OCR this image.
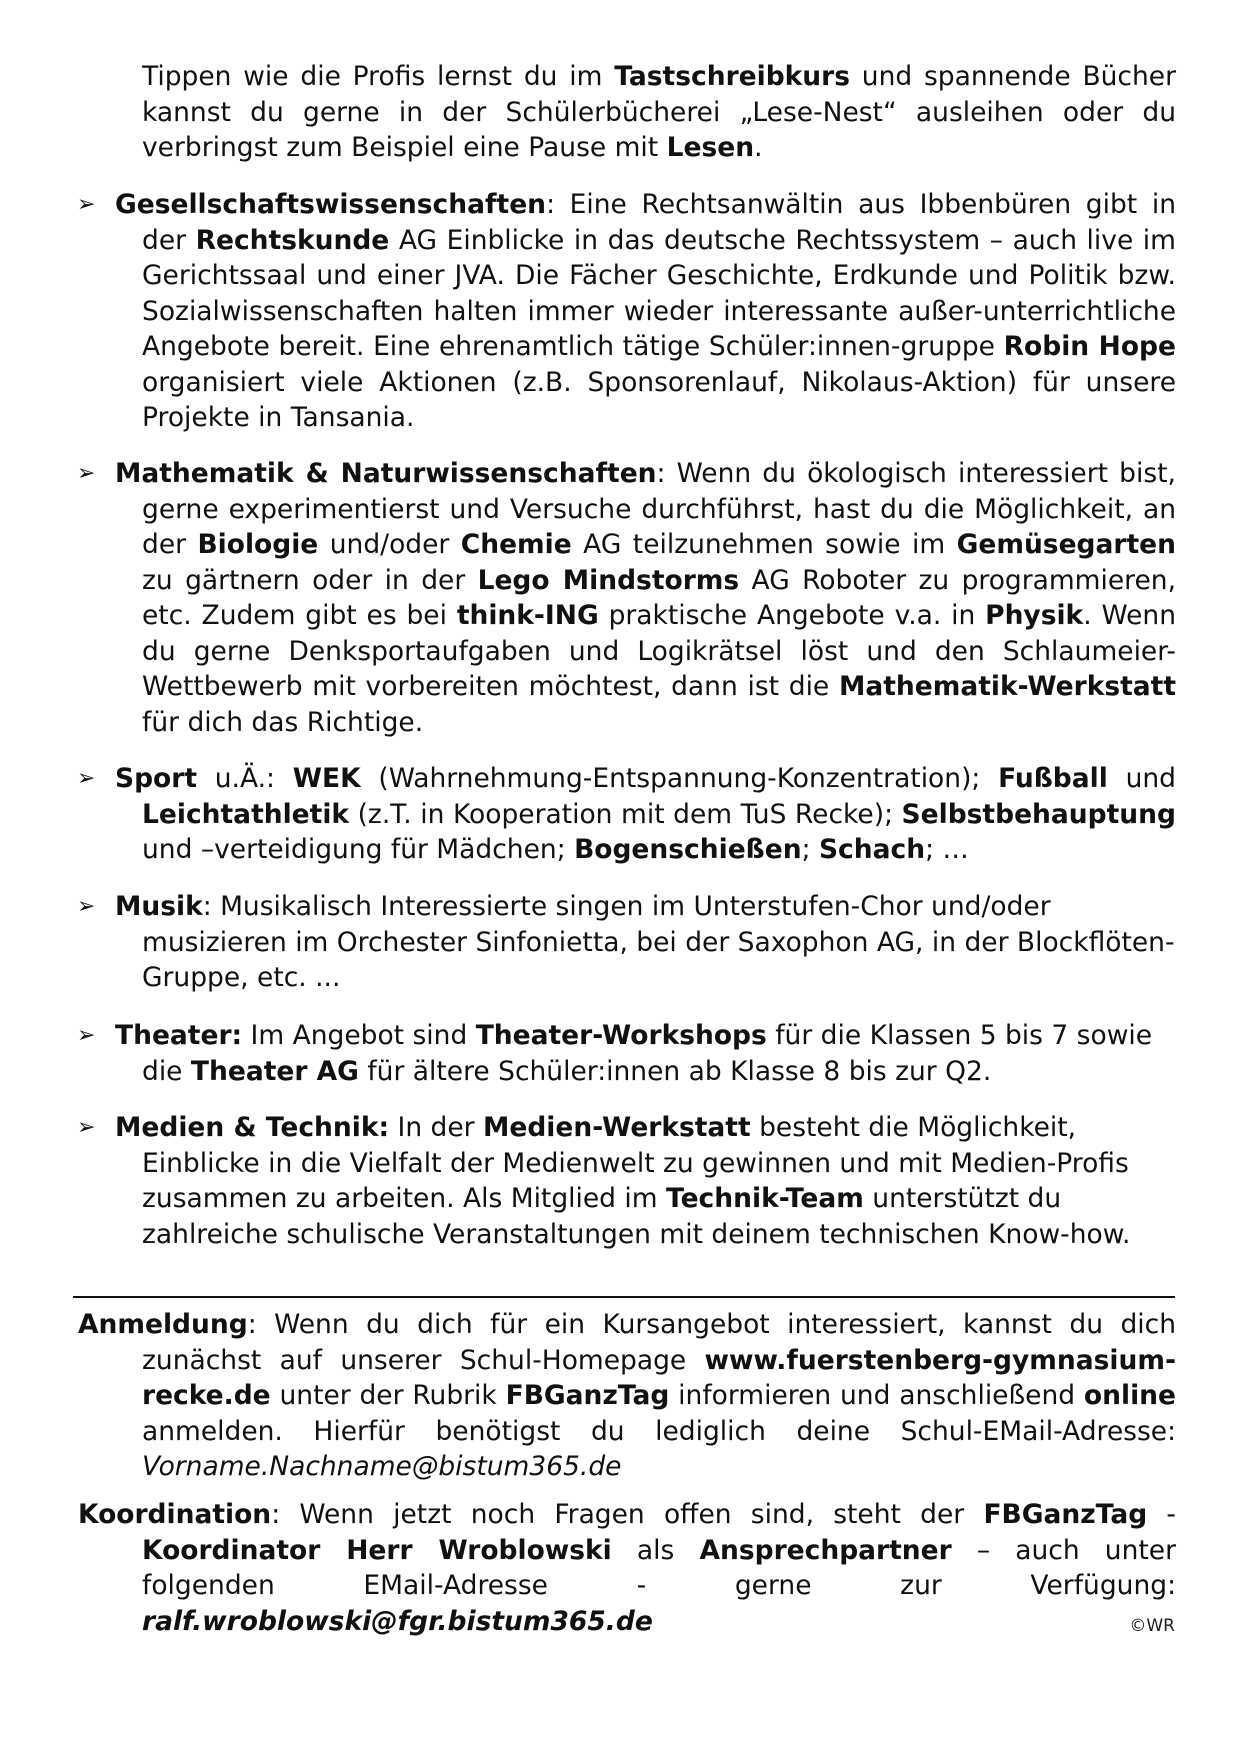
Tippen wie die Profis lernst du im Tastschreibkurs und spannende Bücher kannst du gerne in der Schülerbücherei „Lese-Nest“ ausleihen oder du verbringst zum Beispiel eine Pause mit Lesen.

➢ Gesellschaftswissenschaften: Eine Rechtsanwältin aus Ibbenbüren gibt in der Rechtskunde AG Einblicke in das deutsche Rechtssystem – auch live im Gerichtssaal und einer JVA. Die Fächer Geschichte, Erdkunde und Politik bzw. Sozialwissenschaften halten immer wieder interessante außer-unterrichtliche Angebote bereit. Eine ehrenamtlich tätige Schüler:innen-gruppe Robin Hope organisiert viele Aktionen (z.B. Sponsorenlauf, Nikolaus-Aktion) für unsere Projekte in Tansania.

➢ Mathematik & Naturwissenschaften: Wenn du ökologisch interessiert bist, gerne experimentierst und Versuche durchführst, hast du die Möglichkeit, an der Biologie und/oder Chemie AG teilzunehmen sowie im Gemüsegarten zu gärtnern oder in der Lego Mindstorms AG Roboter zu programmieren, etc. Zudem gibt es bei think-ING praktische Angebote v.a. in Physik. Wenn du gerne Denksportaufgaben und Logikrätsel löst und den Schlaumeier-Wettbewerb mit vorbereiten möchtest, dann ist die Mathematik-Werkstatt für dich das Richtige.

➢ Sport u.Ä.: WEK (Wahrnehmung-Entspannung-Konzentration); Fußball und Leichtathletik (z.T. in Kooperation mit dem TuS Recke); Selbstbehauptung und –verteidigung für Mädchen; Bogenschießen; Schach; …

➢ Musik: Musikalisch Interessierte singen im Unterstufen-Chor und/oder musizieren im Orchester Sinfonietta, bei der Saxophon AG, in der Blockflöten-Gruppe, etc. ...

➢ Theater: Im Angebot sind Theater-Workshops für die Klassen 5 bis 7 sowie die Theater AG für ältere Schüler:innen ab Klasse 8 bis zur Q2.

➢ Medien & Technik: In der Medien-Werkstatt besteht die Möglichkeit, Einblicke in die Vielfalt der Medienwelt zu gewinnen und mit Medien-Profis zusammen zu arbeiten. Als Mitglied im Technik-Team unterstützt du zahlreiche schulische Veranstaltungen mit deinem technischen Know-how.

Anmeldung: Wenn du dich für ein Kursangebot interessiert, kannst du dich zunächst auf unserer Schul-Homepage www.fuerstenberg-gymnasium-recke.de unter der Rubrik FBGanzTag informieren und anschließend online anmelden. Hierfür benötigst du lediglich deine Schul-EMail-Adresse: Vorname.Nachname@bistum365.de

Koordination: Wenn jetzt noch Fragen offen sind, steht der FBGanzTag - Koordinator Herr Wroblowski als Ansprechpartner – auch unter folgenden EMail-Adresse - gerne zur Verfügung: ralf.wroblowski@fgr.bistum365.de	©WR
